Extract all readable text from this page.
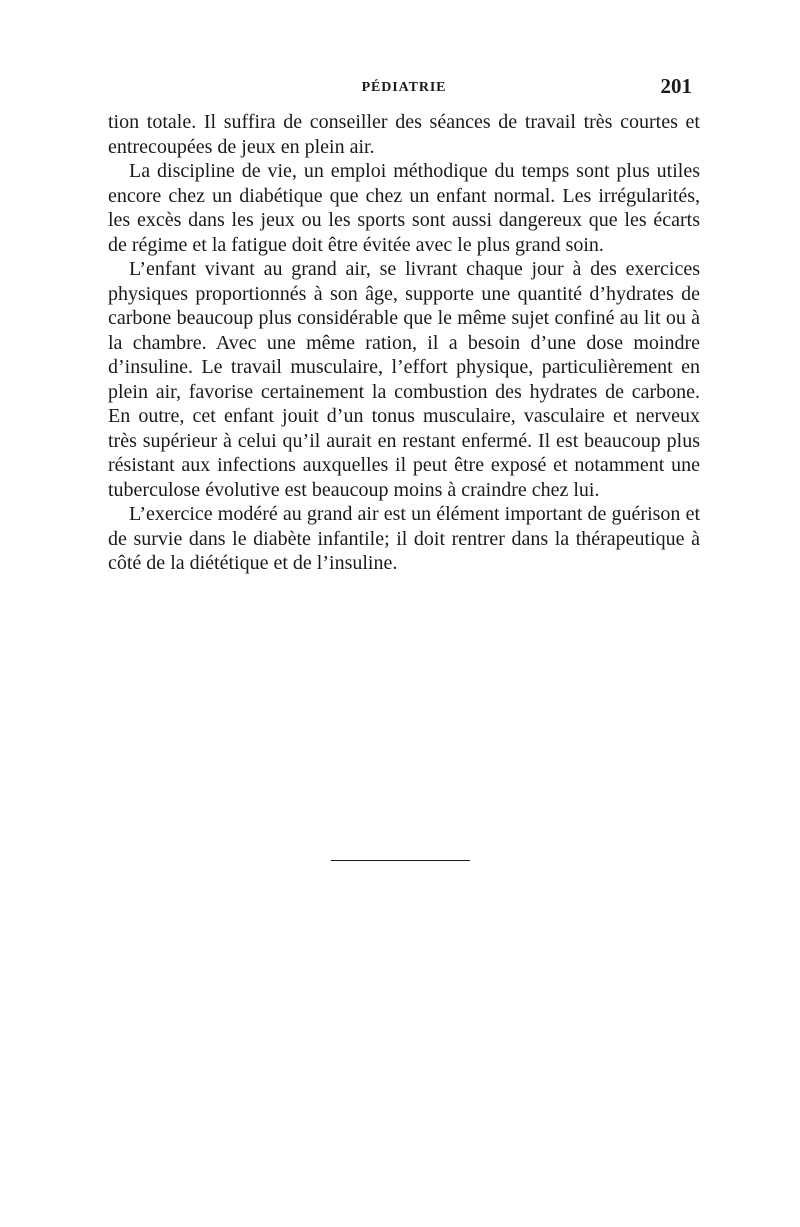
PÉDIATRIE	201

tion totale. Il suffira de conseiller des séances de travail très courtes et entrecoupées de jeux en plein air.

La discipline de vie, un emploi méthodique du temps sont plus utiles encore chez un diabétique que chez un enfant normal. Les irrégularités, les excès dans les jeux ou les sports sont aussi dangereux que les écarts de régime et la fatigue doit être évitée avec le plus grand soin.

L’enfant vivant au grand air, se livrant chaque jour à des exercices physiques proportionnés à son âge, supporte une quantité d’hydrates de carbone beaucoup plus considérable que le même sujet confiné au lit ou à la chambre. Avec une même ration, il a besoin d’une dose moindre d’insuline. Le travail musculaire, l’effort physique, particulièrement en plein air, favorise certainement la combustion des hydrates de carbone. En outre, cet enfant jouit d’un tonus musculaire, vasculaire et nerveux très supérieur à celui qu’il aurait en restant enfermé. Il est beaucoup plus résistant aux infections auxquelles il peut être exposé et notamment une tuberculose évolutive est beaucoup moins à craindre chez lui.

L’exercice modéré au grand air est un élément important de guérison et de survie dans le diabète infantile; il doit rentrer dans la thérapeutique à côté de la diététique et de l’insuline.
